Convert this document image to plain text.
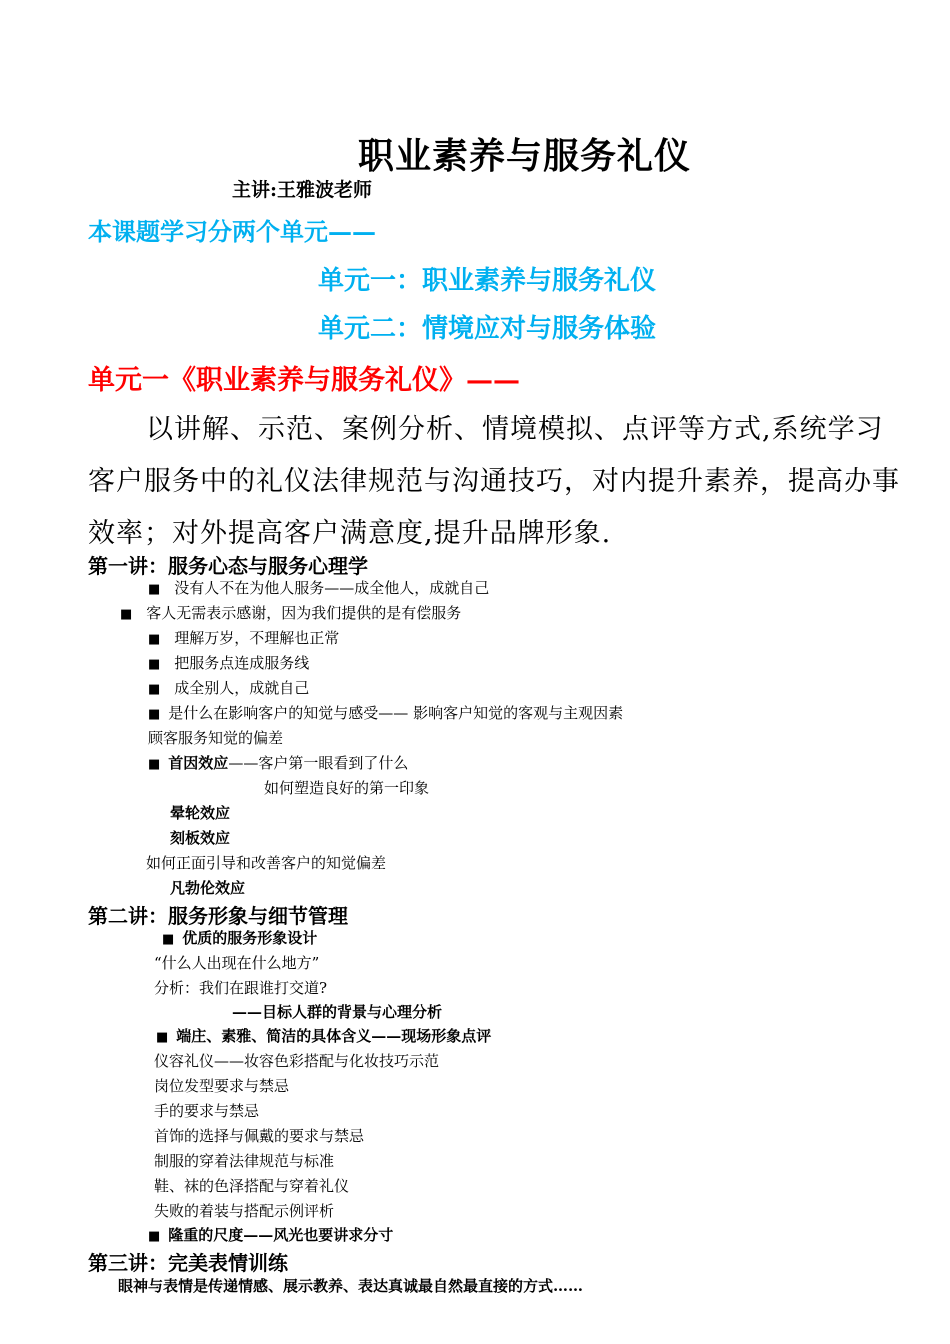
职业素养与服务礼仪
主讲:王雅波老师
本课题学习分两个单元——
单元一：职业素养与服务礼仪
单元二：情境应对与服务体验
单元一《职业素养与服务礼仪》——
以讲解、示范、案例分析、情境模拟、点评等方式,系统学习客户服务中的礼仪法律规范与沟通技巧，对内提升素养，提高办事效率；对外提高客户满意度,提升品牌形象.
第一讲：服务心态与服务心理学
■ 没有人不在为他人服务——成全他人，成就自己
■ 客人无需表示感谢，因为我们提供的是有偿服务
■ 理解万岁，不理解也正常
■ 把服务点连成服务线
■ 成全别人，成就自己
■ 是什么在影响客户的知觉与感受—— 影响客户知觉的客观与主观因素
顾客服务知觉的偏差
■ 首因效应——客户第一眼看到了什么
如何塑造良好的第一印象
晕轮效应
刻板效应
如何正面引导和改善客户的知觉偏差
凡勃伦效应
第二讲：服务形象与细节管理
■ 优质的服务形象设计
“什么人出现在什么地方”
分析：我们在跟谁打交道?
——目标人群的背景与心理分析
■ 端庄、素雅、简洁的具体含义——现场形象点评
仪容礼仪——妆容色彩搭配与化妆技巧示范
岗位发型要求与禁忌
手的要求与禁忌
首饰的选择与佩戴的要求与禁忌
制服的穿着法律规范与标准
鞋、袜的色泽搭配与穿着礼仪
失败的着装与搭配示例评析
■ 隆重的尺度——风光也要讲求分寸
第三讲：完美表情训练
眼神与表情是传递情感、展示教养、表达真诚最自然最直接的方式……
